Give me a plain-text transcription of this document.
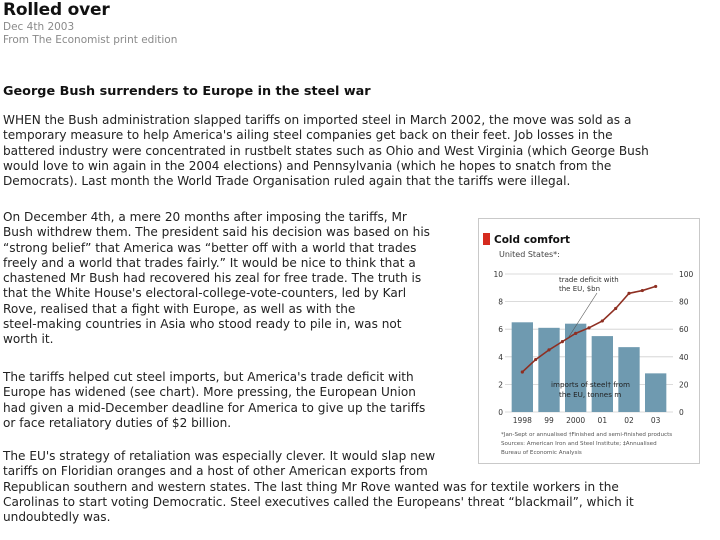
Rolled over
Dec 4th 2003
From The Economist print edition
George Bush surrenders to Europe in the steel war
WHEN the Bush administration slapped tariffs on imported steel in March 2002, the move was sold as a
temporary measure to help America's ailing steel companies get back on their feet. Job losses in the
battered industry were concentrated in rustbelt states such as Ohio and West Virginia (which George Bush
would love to win again in the 2004 elections) and Pennsylvania (which he hopes to snatch from the
Democrats). Last month the World Trade Organisation ruled again that the tariffs were illegal.
On December 4th, a mere 20 months after imposing the tariffs, Mr
Bush withdrew them. The president said his decision was based on his
“strong belief” that America was “better off with a world that trades
freely and a world that trades fairly.” It would be nice to think that a
chastened Mr Bush had recovered his zeal for free trade. The truth is
that the White House's electoral-college-vote-counters, led by Karl
Rove, realised that a fight with Europe, as well as with the
steel-making countries in Asia who stood ready to pile in, was not
worth it.
The tariffs helped cut steel imports, but America's trade deficit with
Europe has widened (see chart). More pressing, the European Union
had given a mid-December deadline for America to give up the tariffs
or face retaliatory duties of $2 billion.
The EU's strategy of retaliation was especially clever. It would slap new
tariffs on Floridian oranges and a host of other American exports from
Republican southern and western states. The last thing Mr Rove wanted was for textile workers in the
Carolinas to start voting Democratic. Steel executives called the Europeans' threat “blackmail”, which it
undoubtedly was.
Cold comfort
United States*:
10
8
6
4
2
0
100
80
60
40
20
0
1998 99 2000 01 02 03
trade deficit with
the EU, $bn
imports of steel† from
the EU, tonnes m
*Jan-Sept or annualised †Finished and semi-finished products
Sources: American Iron and Steel Institute; ‡Annualised
Bureau of Economic Analysis
